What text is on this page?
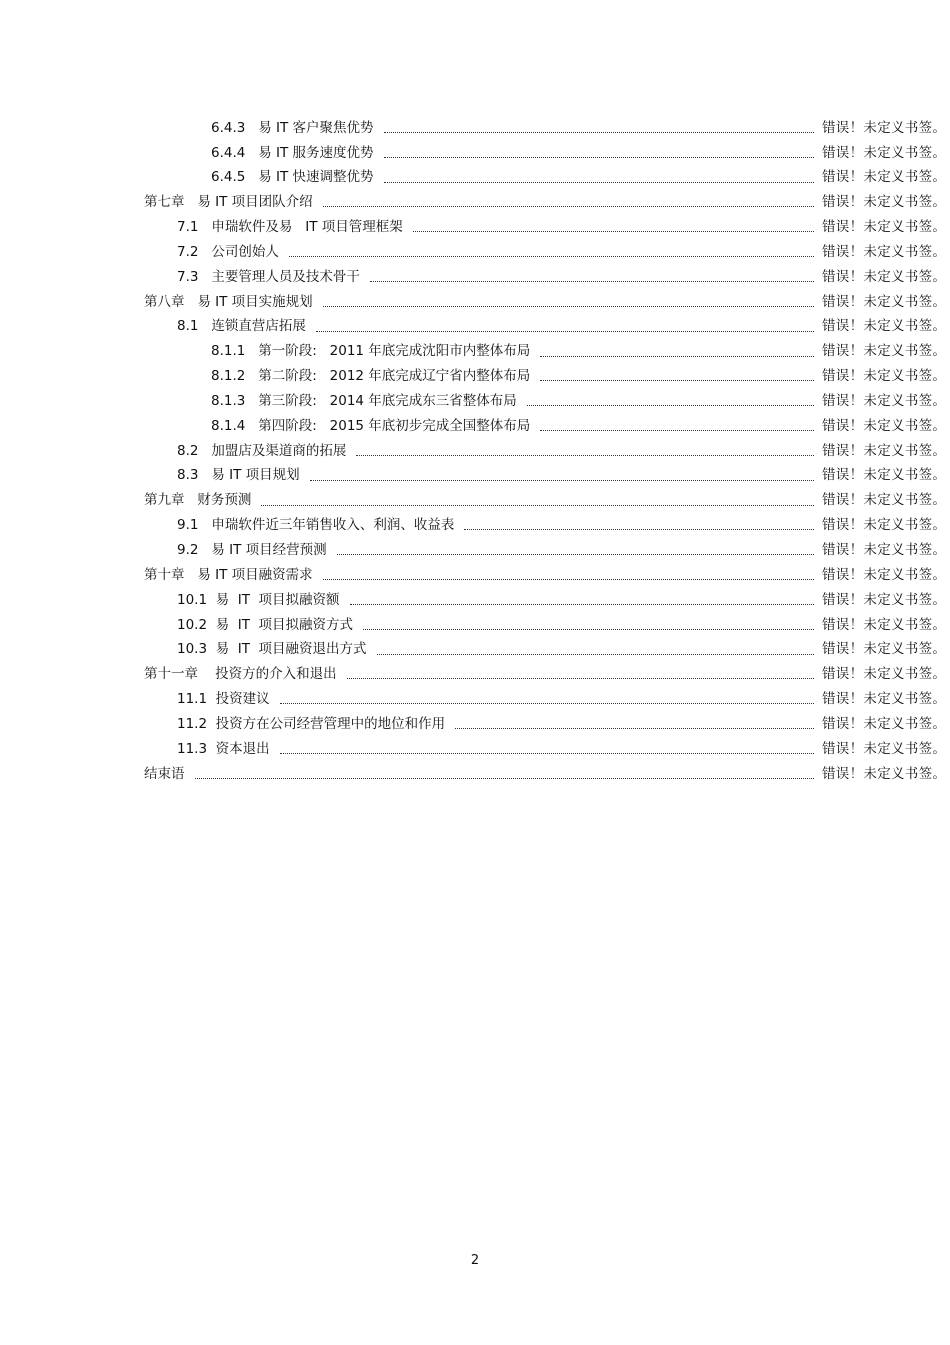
6.4.3   易 IT 客户聚焦优势	错误！未定义书签。
6.4.4   易 IT 服务速度优势	错误！未定义书签。
6.4.5   易 IT 快速调整优势	错误！未定义书签。
第七章   易 IT 项目团队介绍	错误！未定义书签。
7.1   申瑞软件及易   IT 项目管理框架	错误！未定义书签。
7.2   公司创始人	错误！未定义书签。
7.3   主要管理人员及技术骨干	错误！未定义书签。
第八章   易 IT 项目实施规划	错误！未定义书签。
8.1   连锁直营店拓展	错误！未定义书签。
8.1.1   第一阶段:   2011 年底完成沈阳市内整体布局	错误！未定义书签。
8.1.2   第二阶段:   2012 年底完成辽宁省内整体布局	错误！未定义书签。
8.1.3   第三阶段:   2014 年底完成东三省整体布局	错误！未定义书签。
8.1.4   第四阶段:   2015 年底初步完成全国整体布局	错误！未定义书签。
8.2   加盟店及渠道商的拓展	错误！未定义书签。
8.3   易 IT 项目规划	错误！未定义书签。
第九章   财务预测	错误！未定义书签。
9.1   申瑞软件近三年销售收入、利润、收益表	错误！未定义书签。
9.2   易 IT 项目经营预测	错误！未定义书签。
第十章   易 IT 项目融资需求	错误！未定义书签。
10.1  易  IT  项目拟融资额	错误！未定义书签。
10.2  易  IT  项目拟融资方式	错误！未定义书签。
10.3  易  IT  项目融资退出方式	错误！未定义书签。
第十一章    投资方的介入和退出	错误！未定义书签。
11.1  投资建议	错误！未定义书签。
11.2  投资方在公司经营管理中的地位和作用	错误！未定义书签。
11.3  资本退出	错误！未定义书签。
结束语	错误！未定义书签。
2
